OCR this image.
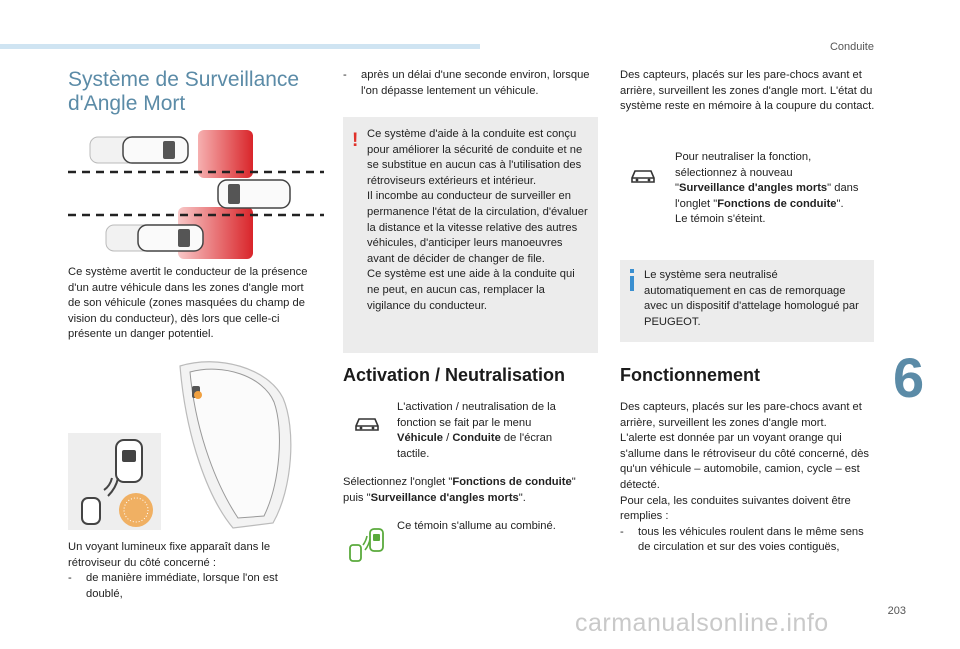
Conduite
Système de Surveillance d'Angle Mort
Ce système avertit le conducteur de la présence d'un autre véhicule dans les zones d'angle mort de son véhicule (zones masquées du champ de vision du conducteur), dès lors que celle-ci présente un danger potentiel.
Un voyant lumineux fixe apparaît dans le rétroviseur du côté concerné :
-	de manière immédiate, lorsque l'on est doublé,
-	après un délai d'une seconde environ, lorsque l'on dépasse lentement un véhicule.
! Ce système d'aide à la conduite est conçu pour améliorer la sécurité de conduite et ne se substitue en aucun cas à l'utilisation des rétroviseurs extérieurs et intérieur.
Il incombe au conducteur de surveiller en permanence l'état de la circulation, d'évaluer la distance et la vitesse relative des autres véhicules, d'anticiper leurs manoeuvres avant de décider de changer de file.
Ce système est une aide à la conduite qui ne peut, en aucun cas, remplacer la vigilance du conducteur.
Activation / Neutralisation
L'activation / neutralisation de la fonction se fait par le menu Véhicule / Conduite de l'écran tactile.
Sélectionnez l'onglet "Fonctions de conduite" puis "Surveillance d'angles morts".
Ce témoin s'allume au combiné.
Des capteurs, placés sur les pare-chocs avant et arrière, surveillent les zones d'angle mort. L'état du système reste en mémoire à la coupure du contact.
Pour neutraliser la fonction, sélectionnez à nouveau "Surveillance d'angles morts" dans l'onglet "Fonctions de conduite".
Le témoin s'éteint.
Le système sera neutralisé automatiquement en cas de remorquage avec un dispositif d'attelage homologué par PEUGEOT.
Fonctionnement
Des capteurs, placés sur les pare-chocs avant et arrière, surveillent les zones d'angle mort.
L'alerte est donnée par un voyant orange qui s'allume dans le rétroviseur du côté concerné, dès qu'un véhicule – automobile, camion, cycle – est détecté.
Pour cela, les conduites suivantes doivent être remplies :
-	tous les véhicules roulent dans le même sens de circulation et sur des voies contiguës,
6
203
carmanualsonline.info
